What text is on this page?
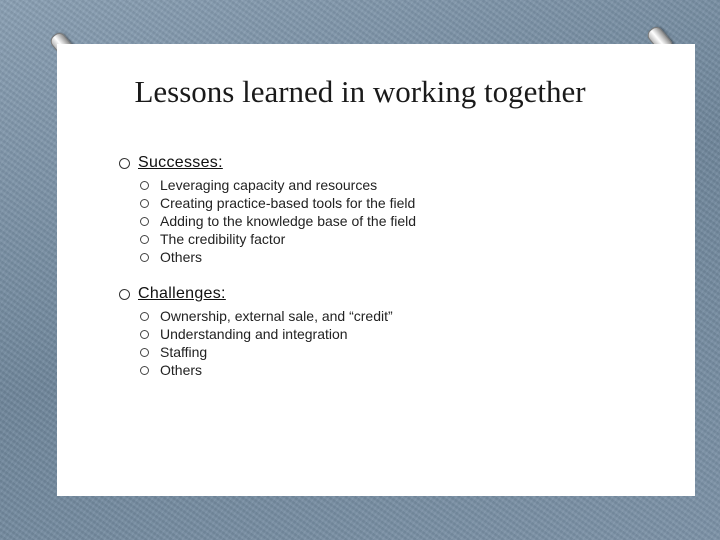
Lessons learned in working together
Successes:
Leveraging capacity and resources
Creating practice-based tools for the field
Adding to the knowledge base of the field
The credibility factor
Others
Challenges:
Ownership, external sale, and “credit”
Understanding and integration
Staffing
Others
